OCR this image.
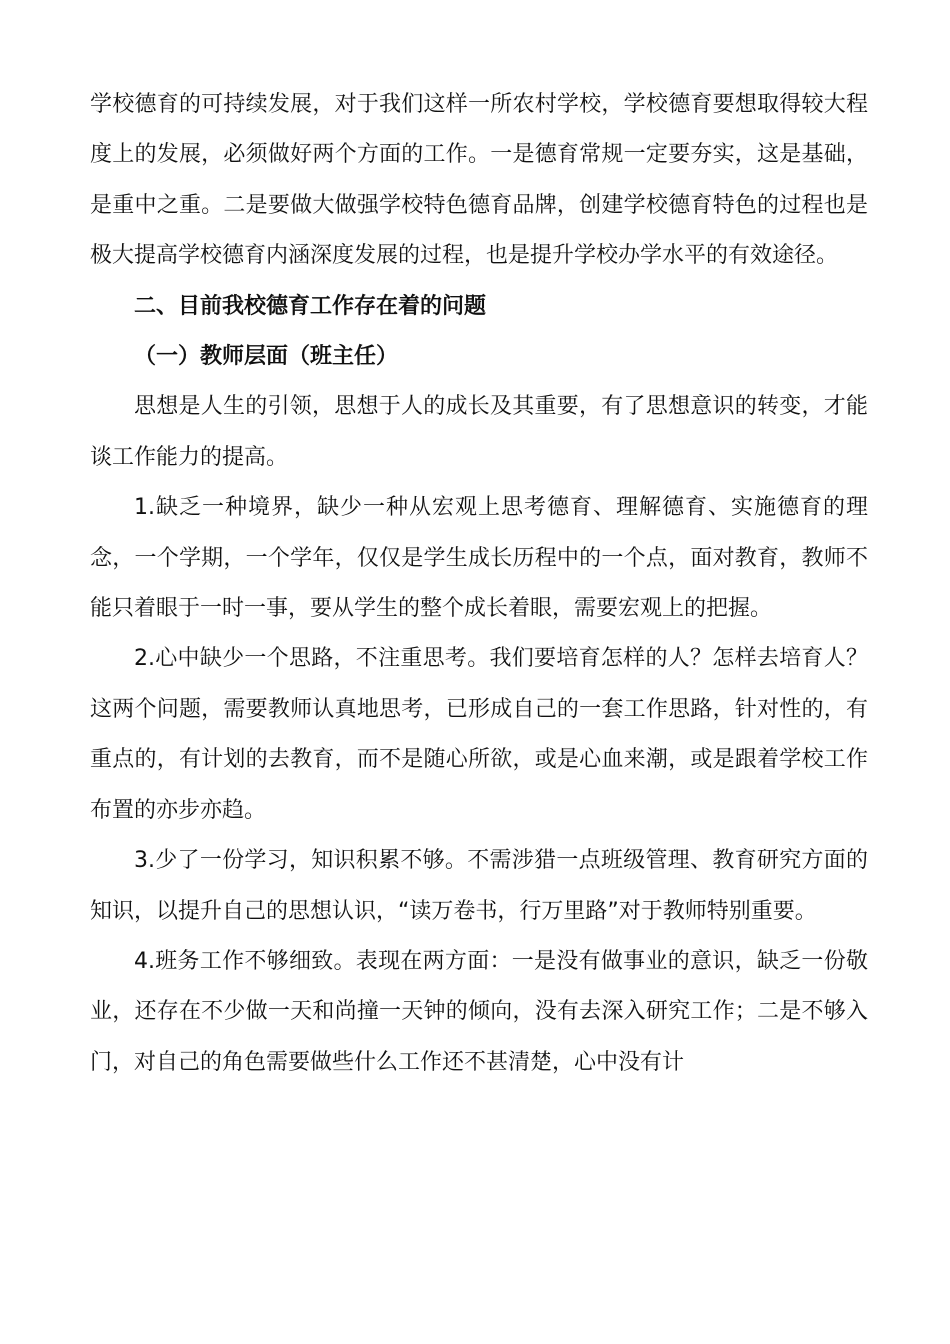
学校德育的可持续发展，对于我们这样一所农村学校，学校德育要想取得较大程度上的发展，必须做好两个方面的工作。一是德育常规一定要夯实，这是基础，是重中之重。二是要做大做强学校特色德育品牌，创建学校德育特色的过程也是极大提高学校德育内涵深度发展的过程，也是提升学校办学水平的有效途径。

二、目前我校德育工作存在着的问题

（一）教师层面（班主任）

思想是人生的引领，思想于人的成长及其重要，有了思想意识的转变，才能谈工作能力的提高。

1.缺乏一种境界，缺少一种从宏观上思考德育、理解德育、实施德育的理念，一个学期，一个学年，仅仅是学生成长历程中的一个点，面对教育，教师不能只着眼于一时一事，要从学生的整个成长着眼，需要宏观上的把握。

2.心中缺少一个思路，不注重思考。我们要培育怎样的人？怎样去培育人？这两个问题，需要教师认真地思考，已形成自己的一套工作思路，针对性的，有重点的，有计划的去教育，而不是随心所欲，或是心血来潮，或是跟着学校工作布置的亦步亦趋。

3.少了一份学习，知识积累不够。不需涉猎一点班级管理、教育研究方面的知识，以提升自己的思想认识，“读万卷书，行万里路”对于教师特别重要。

4.班务工作不够细致。表现在两方面：一是没有做事业的意识，缺乏一份敬业，还存在不少做一天和尚撞一天钟的倾向，没有去深入研究工作；二是不够入门，对自己的角色需要做些什么工作还不甚清楚，心中没有计
